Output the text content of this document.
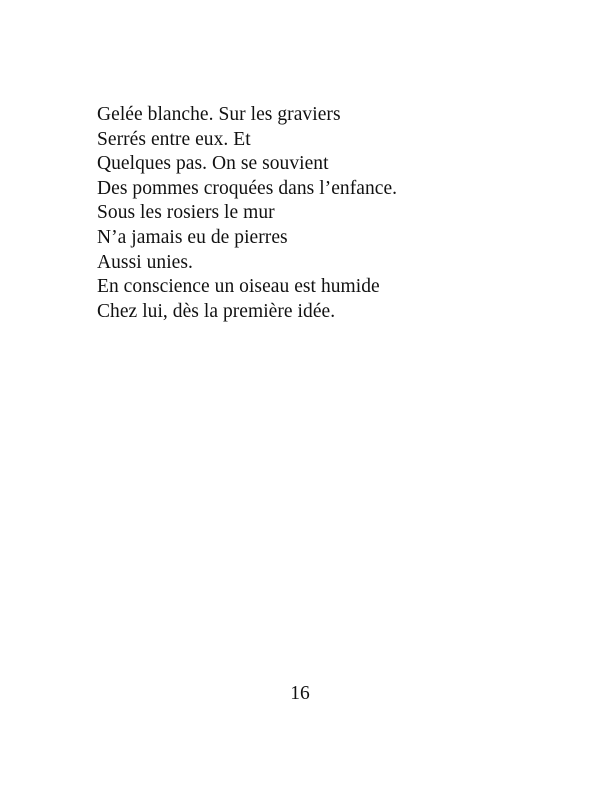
Gelée blanche. Sur les graviers
Serrés entre eux. Et
Quelques pas. On se souvient
Des pommes croquées dans l’enfance.
Sous les rosiers le mur
N’a jamais eu de pierres
Aussi unies.
En conscience un oiseau est humide
Chez lui, dès la première idée.
16
